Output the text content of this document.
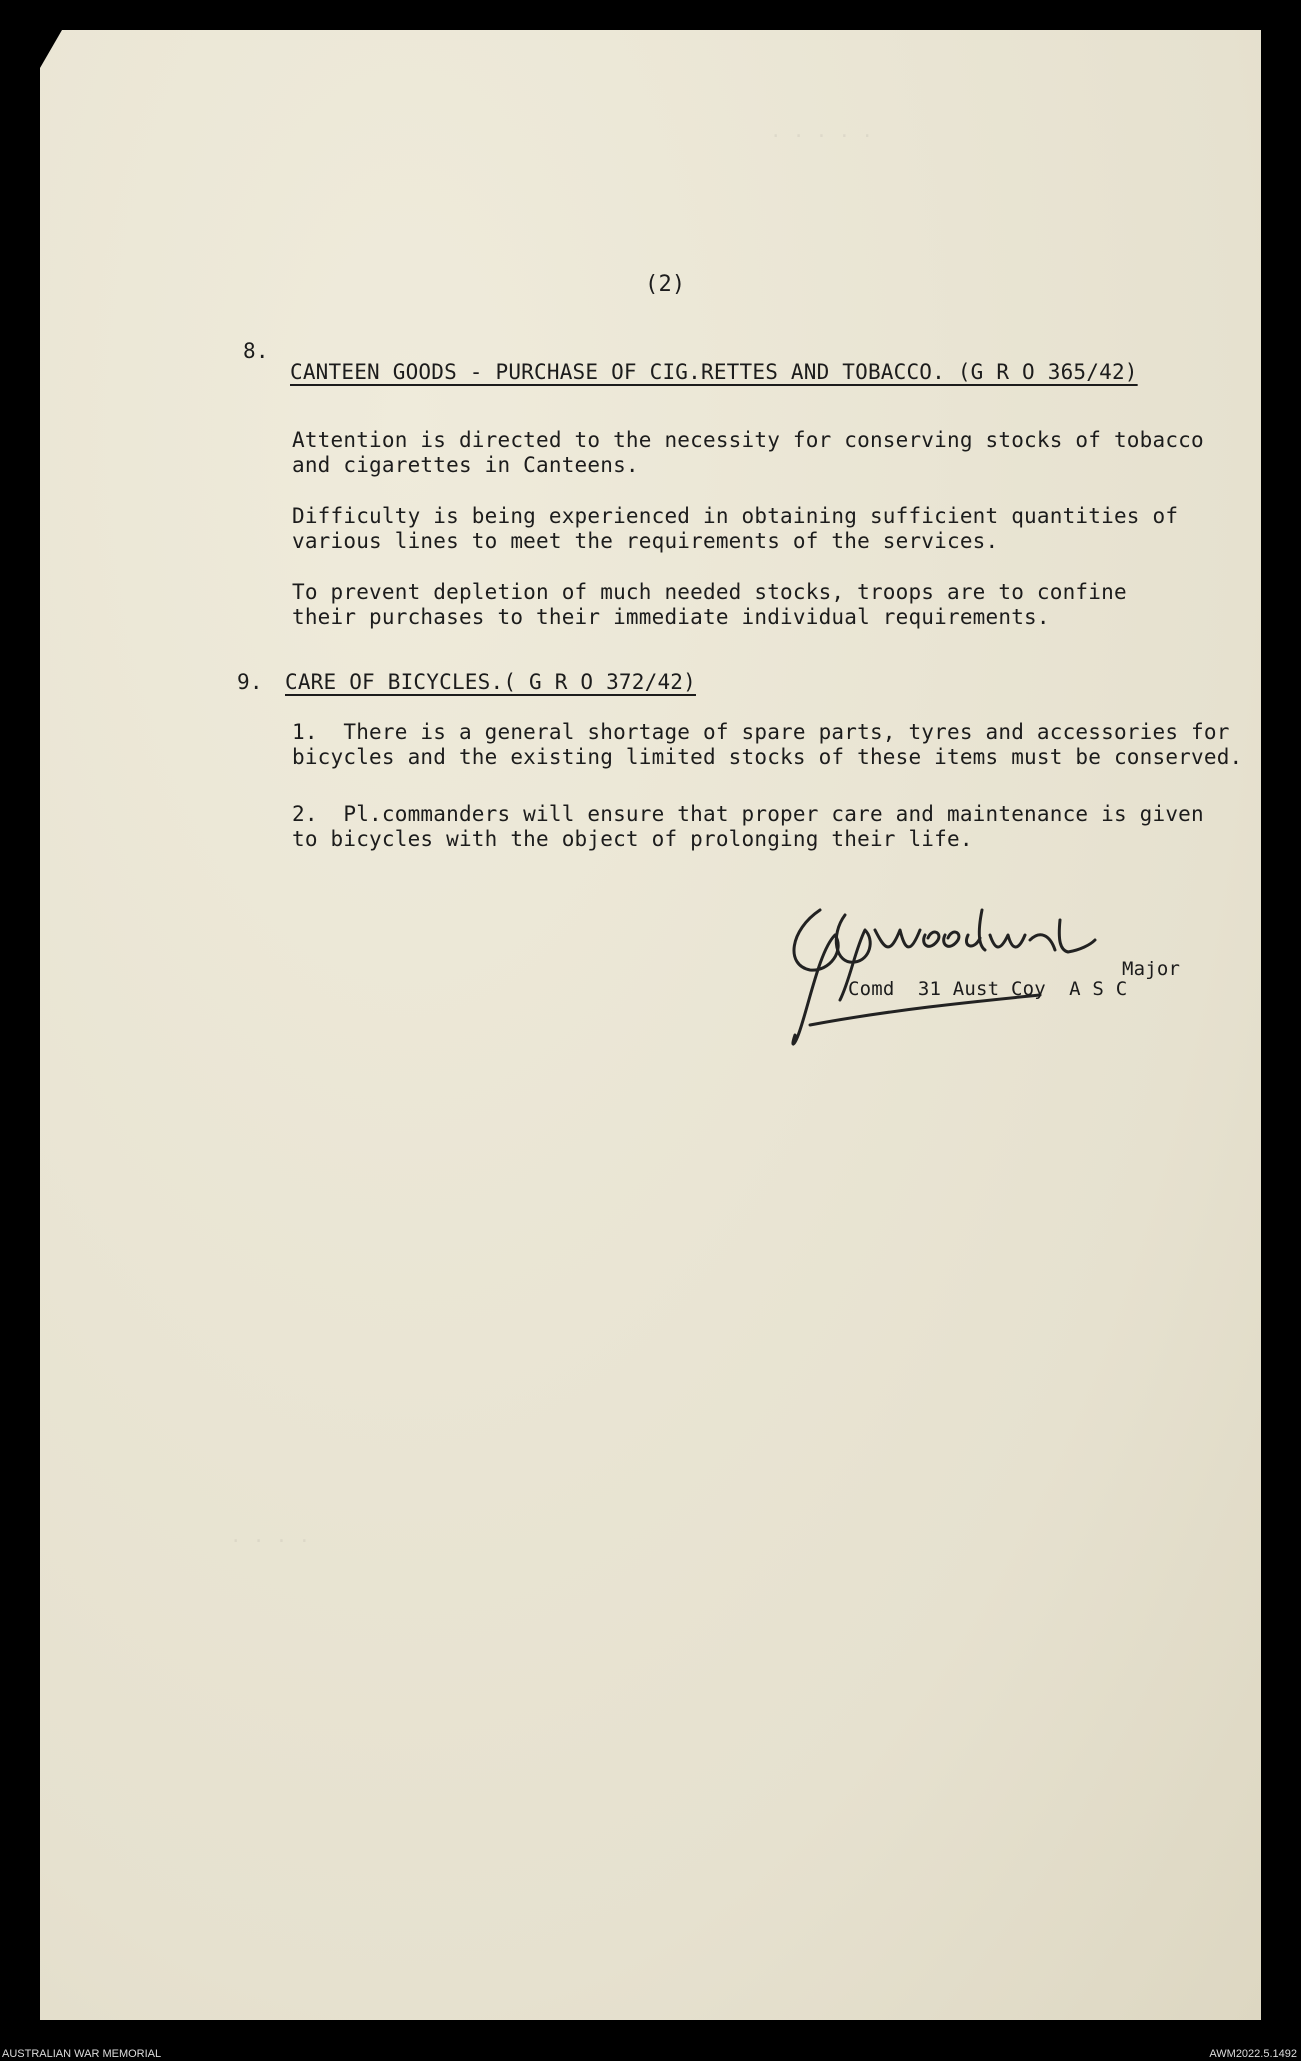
· · · · ·
(2)
8.
CANTEEN GOODS - PURCHASE OF CIG.RETTES AND TOBACCO. (G R O 365/42)
Attention is directed to the necessity for conserving stocks of tobacco
and cigarettes in Canteens.
Difficulty is being experienced in obtaining sufficient quantities of
various lines to meet the requirements of the services.
To prevent depletion of much needed stocks, troops are to confine
their purchases to their immediate individual requirements.
9. CARE OF BICYCLES.( G R O 372/42)
1.  There is a general shortage of spare parts, tyres and accessories for
bicycles and the existing limited stocks of these items must be conserved.
2.  Pl.commanders will ensure that proper care and maintenance is given
to bicycles with the object of prolonging their life.
Major
Comd  31 Aust Coy  A S C
· · · ·
AUSTRALIAN WAR MEMORIAL	AWM2022.5.1492
